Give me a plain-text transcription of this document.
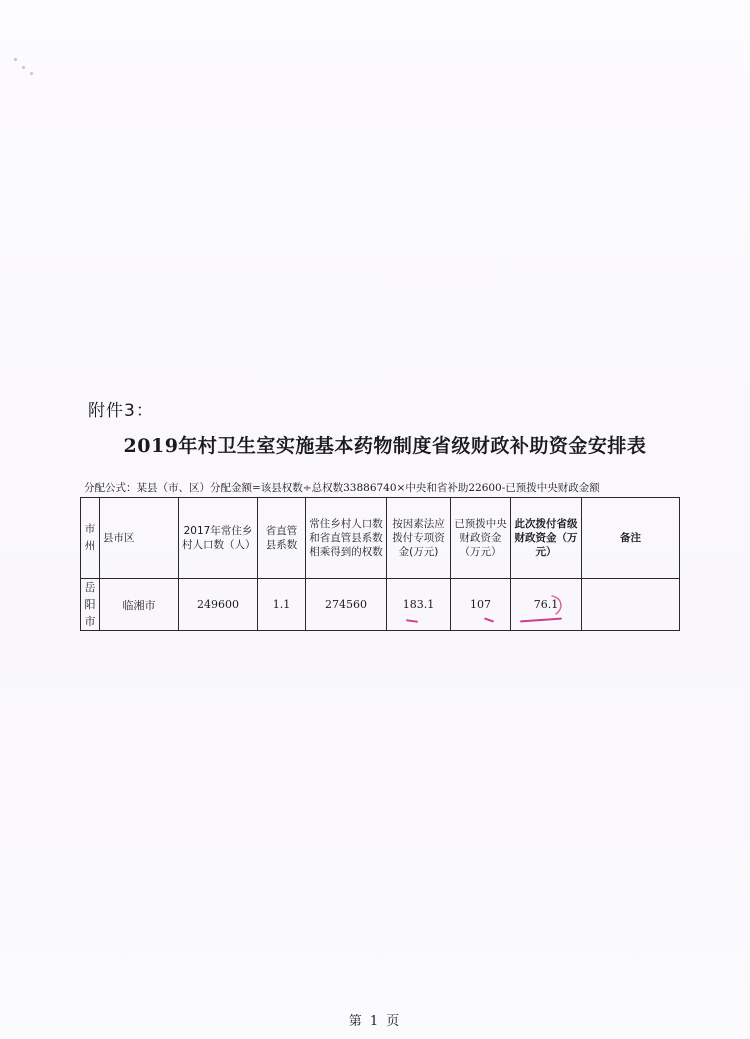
附件3：
2019年村卫生室实施基本药物制度省级财政补助资金安排表
分配公式：某县（市、区）分配金额=该县权数÷总权数33886740×中央和省补助22600-已预拨中央财政金额
市州	县市区	2017年常住乡村人口数（人）	省直管县系数	常住乡村人口数和省直管县系数相乘得到的权数	按因素法应拨付专项资金(万元)	已预拨中央财政资金（万元）	此次拨付省级财政资金（万元）	备注

岳阳市	临湘市	249600	1.1	274560	183.1	107	76.1	
第 1 页
